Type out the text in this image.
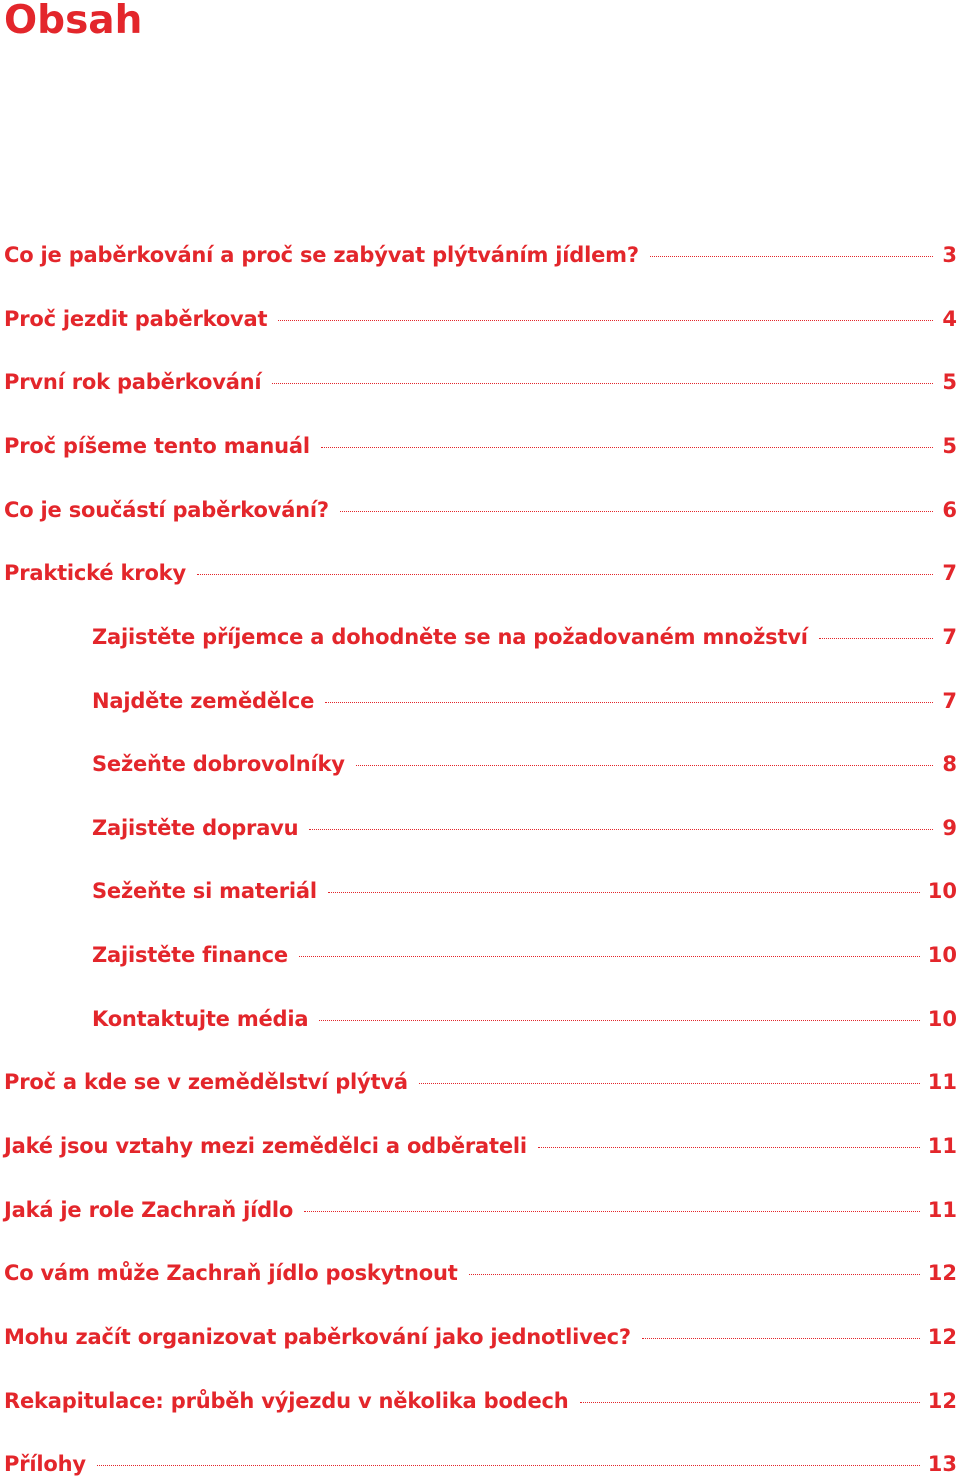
Obsah
Co je paběrkování a proč se zabývat plýtváním jídlem?	3
Proč jezdit paběrkovat	4
První rok paběrkování	5
Proč píšeme tento manuál	5
Co je součástí paběrkování?	6
Praktické kroky	7
Zajistěte příjemce a dohodněte se na požadovaném množství	7
Najděte zemědělce	7
Sežeňte dobrovolníky	8
Zajistěte dopravu	9
Sežeňte si materiál	10
Zajistěte finance	10
Kontaktujte média	10
Proč a kde se v zemědělství plýtvá	11
Jaké jsou vztahy mezi zemědělci a odběrateli	11
Jaká je role Zachraň jídlo	11
Co vám může Zachraň jídlo poskytnout	12
Mohu začít organizovat paběrkování jako jednotlivec?	12
Rekapitulace: průběh výjezdu v několika bodech	12
Přílohy	13
